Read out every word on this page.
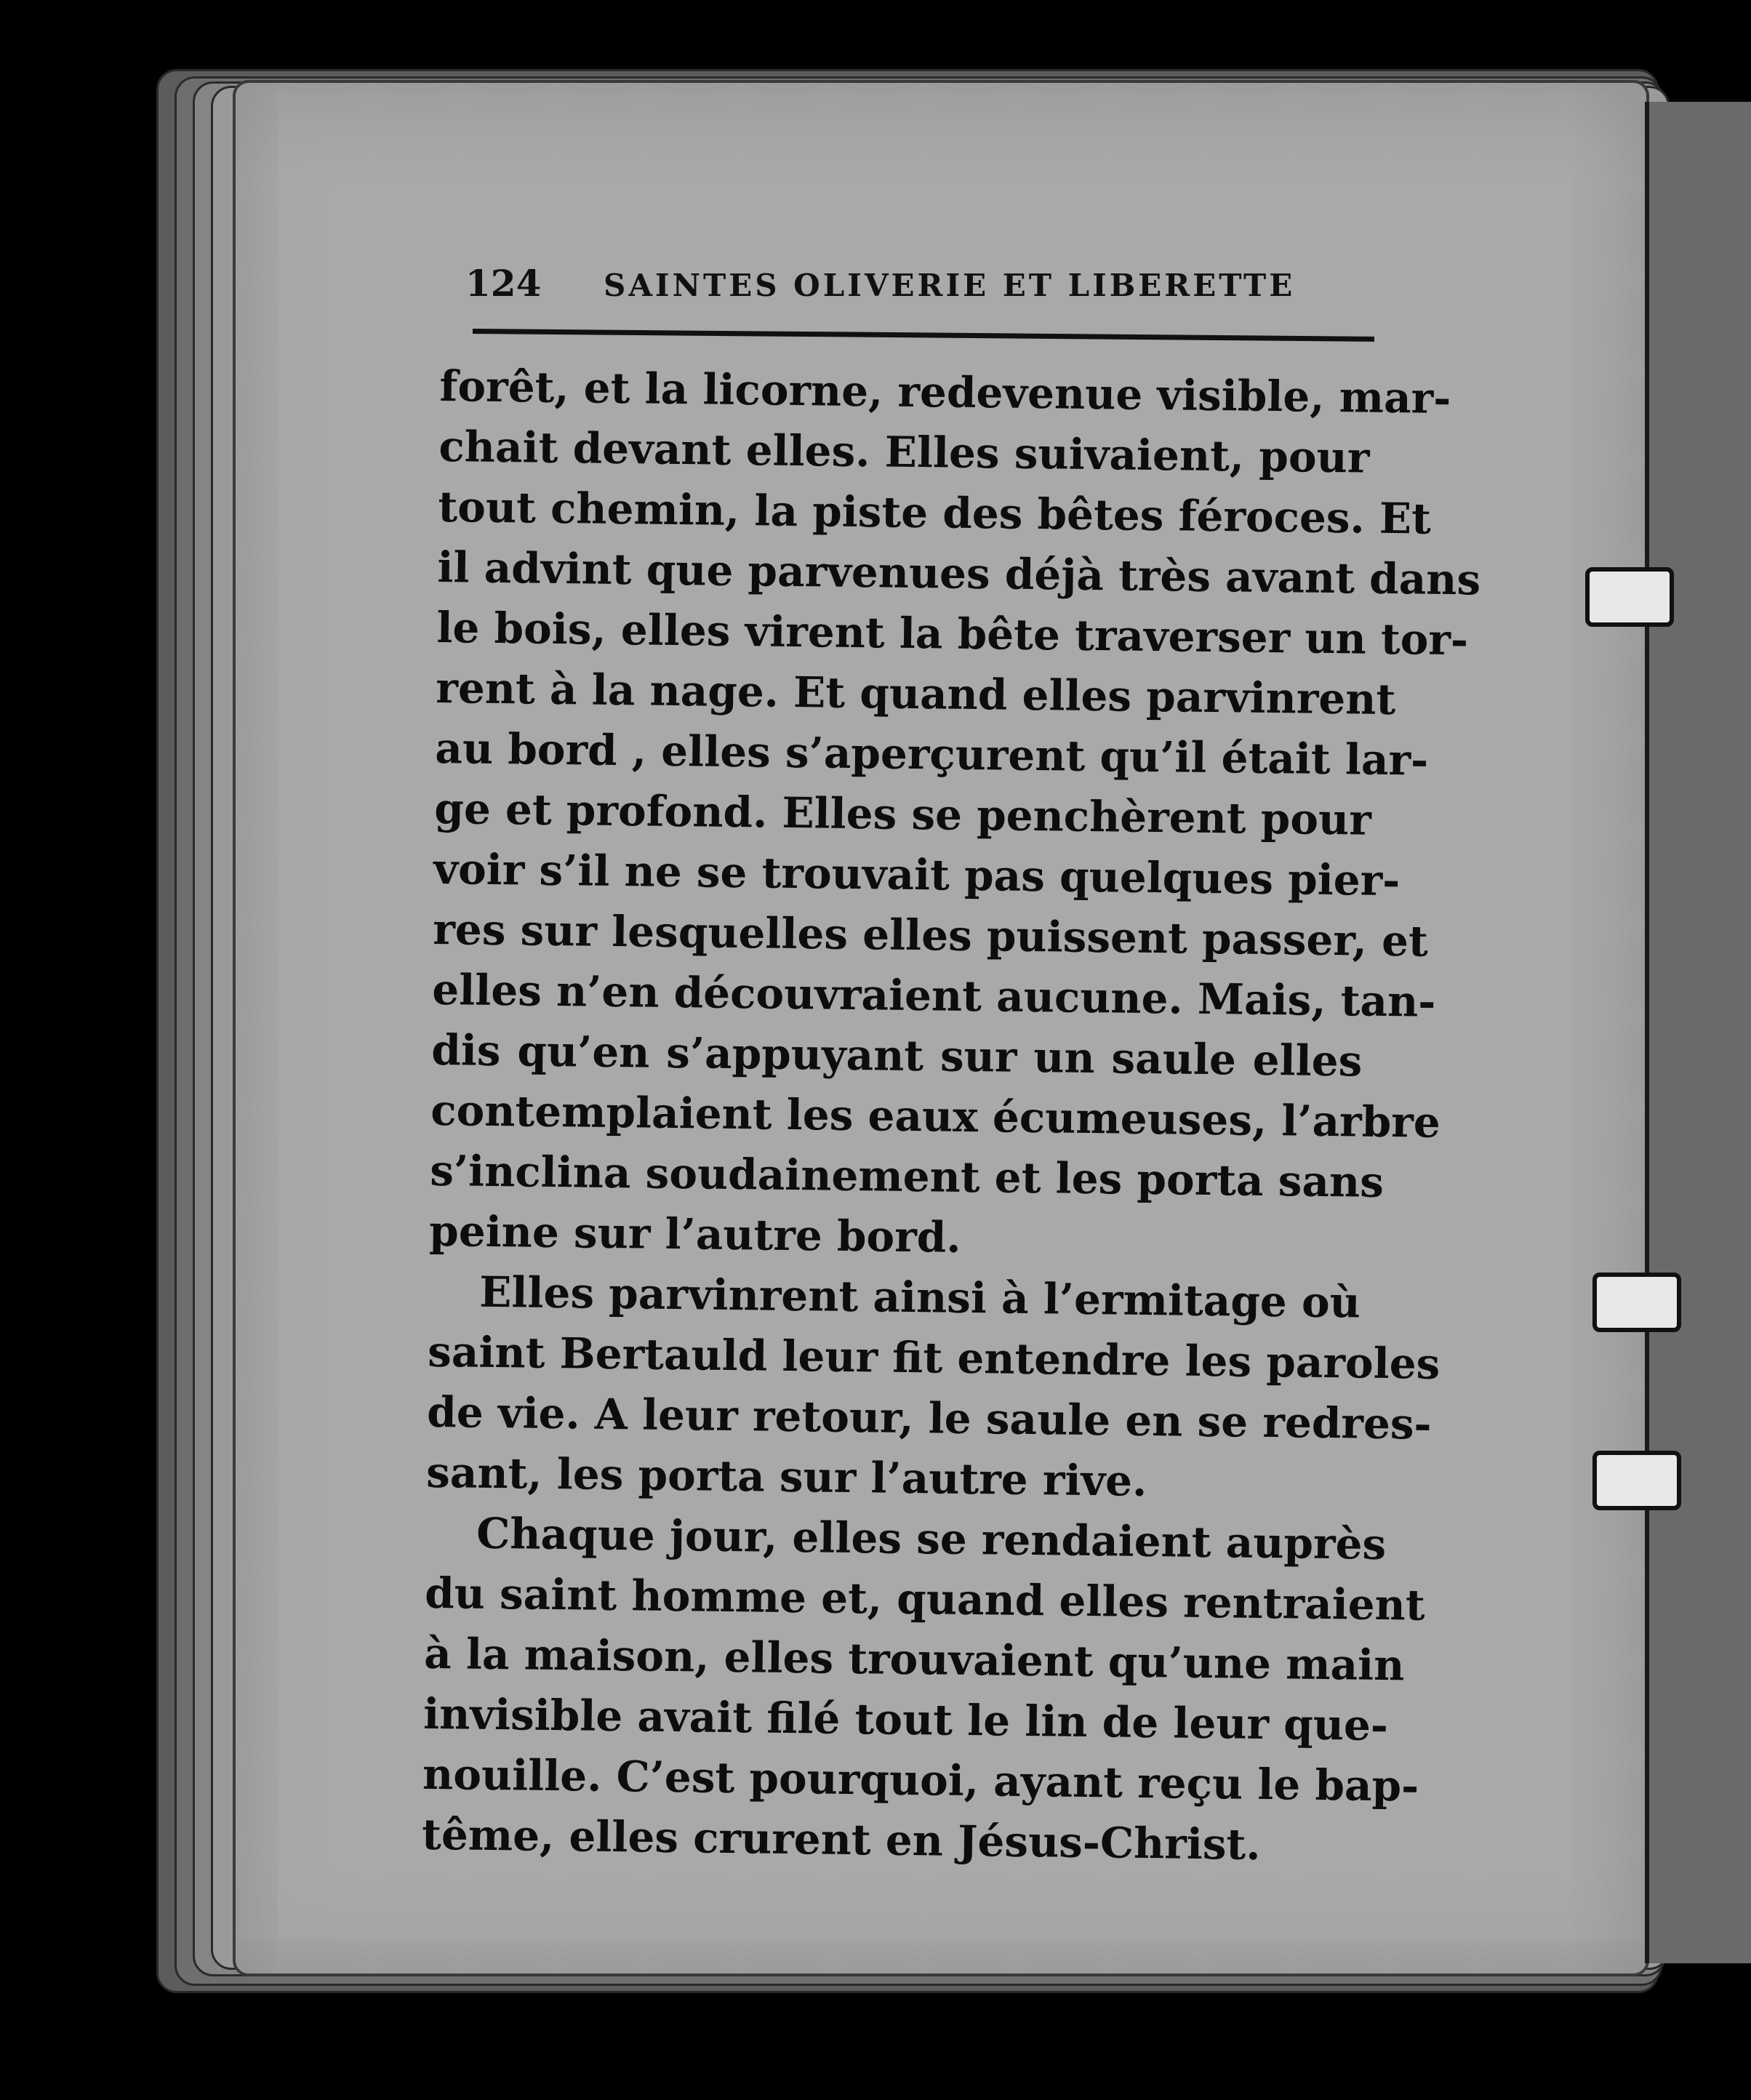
124 SAINTES OLIVERIE ET LIBERETTE
forêt, et la licorne, redevenue visible, mar-
chait devant elles. Elles suivaient, pour
tout chemin, la piste des bêtes féroces. Et
il advint que parvenues déjà très avant dans
le bois, elles virent la bête traverser un tor-
rent à la nage. Et quand elles parvinrent
au bord , elles s’aperçurent qu’il était lar-
ge et profond. Elles se penchèrent pour
voir s’il ne se trouvait pas quelques pier-
res sur lesquelles elles puissent passer, et
elles n’en découvraient aucune. Mais, tan-
dis qu’en s’appuyant sur un saule elles
contemplaient les eaux écumeuses, l’arbre
s’inclina soudainement et les porta sans
peine sur l’autre bord.
Elles parvinrent ainsi à l’ermitage où
saint Bertauld leur fit entendre les paroles
de vie. A leur retour, le saule en se redres-
sant, les porta sur l’autre rive.
Chaque jour, elles se rendaient auprès
du saint homme et, quand elles rentraient
à la maison, elles trouvaient qu’une main
invisible avait filé tout le lin de leur que-
nouille. C’est pourquoi, ayant reçu le bap-
tême, elles crurent en Jésus-Christ.
